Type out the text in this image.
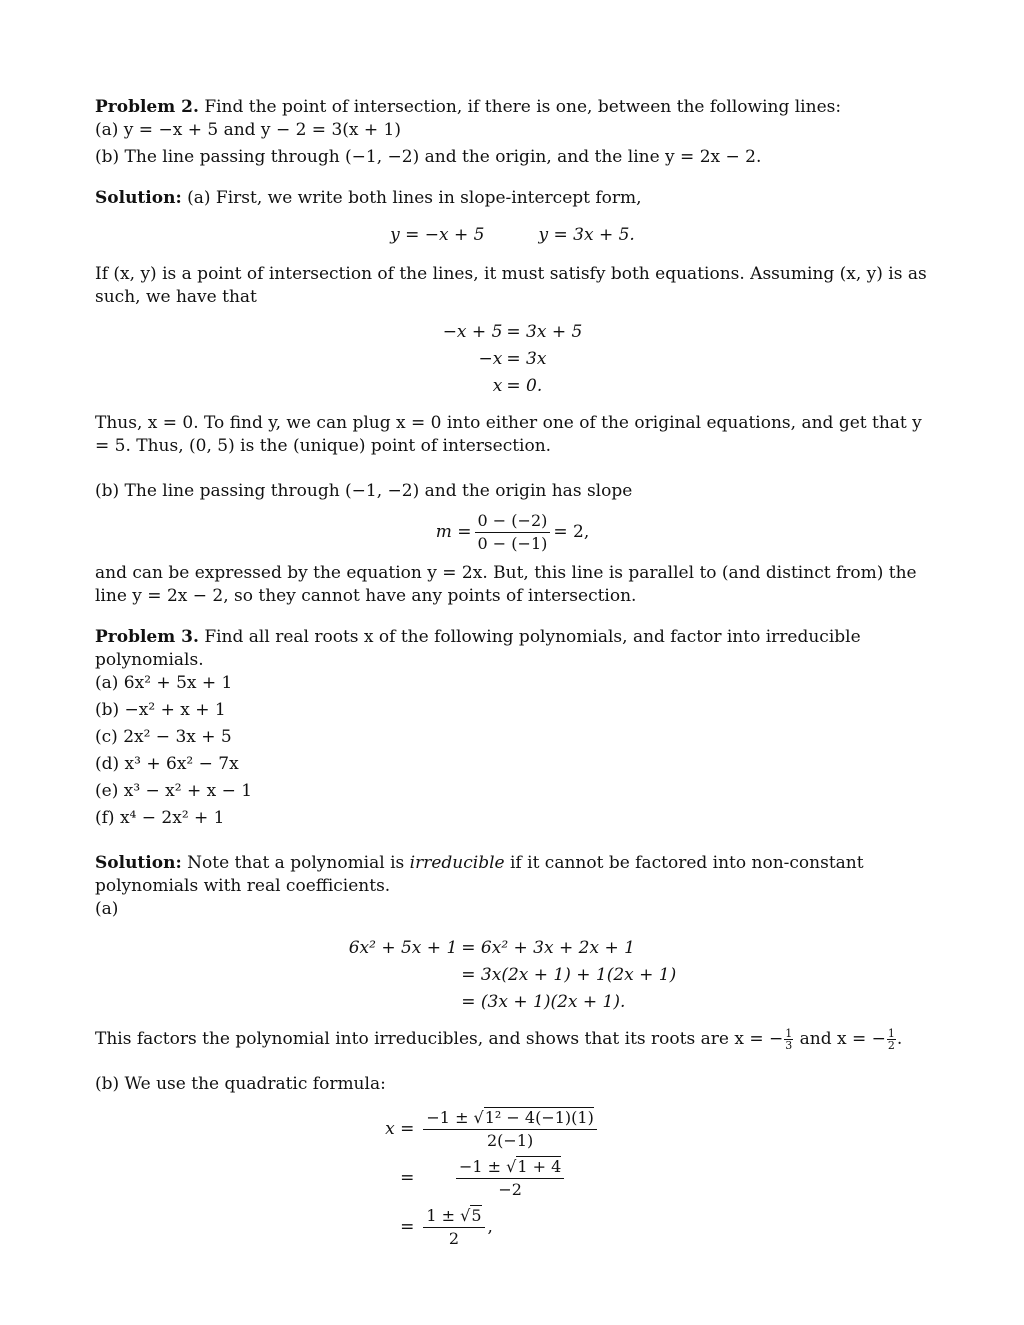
Problem 2. Find the point of intersection, if there is one, between the following lines:

(a) y = −x + 5 and y − 2 = 3(x + 1)

(b) The line passing through (−1, −2) and the origin, and the line y = 2x − 2.

Solution: (a) First, we write both lines in slope-intercept form,

y = −x + 5	y = 3x + 5.

If (x, y) is a point of intersection of the lines, it must satisfy both equations. Assuming (x, y) is as such, we have that

−x + 5 = 3x + 5
−x = 3x
x = 0.

Thus, x = 0. To find y, we can plug x = 0 into either one of the original equations, and get that y = 5. Thus, (0, 5) is the (unique) point of intersection.

(b) The line passing through (−1, −2) and the origin has slope

$m = \frac{0 - (-2)}{0 - (-1)} = 2$,

and can be expressed by the equation y = 2x. But, this line is parallel to (and distinct from) the line y = 2x − 2, so they cannot have any points of intersection.

Problem 3. Find all real roots x of the following polynomials, and factor into irreducible polynomials.

(a) 6x² + 5x + 1

(b) −x² + x + 1

(c) 2x² − 3x + 5

(d) x³ + 6x² − 7x

(e) x³ − x² + x − 1

(f) x⁴ − 2x² + 1

Solution: Note that a polynomial is irreducible if it cannot be factored into non-constant polynomials with real coefficients.

(a)

6x² + 5x + 1 = 6x² + 3x + 2x + 1
= 3x(2x + 1) + 1(2x + 1)
= (3x + 1)(2x + 1).

This factors the polynomial into irreducibles, and shows that its roots are x = − $\frac{1}{3}$ and x = − $\frac{1}{2}$ .

(b) We use the quadratic formula:

$x = \frac{\text{−1 ± √1² − 4(−1)(1)}}{2(-1)}$
= $\frac{-1 \pm √1 + 4}{-2}$
= $\frac{1 \pm √5}{2}$ ,
